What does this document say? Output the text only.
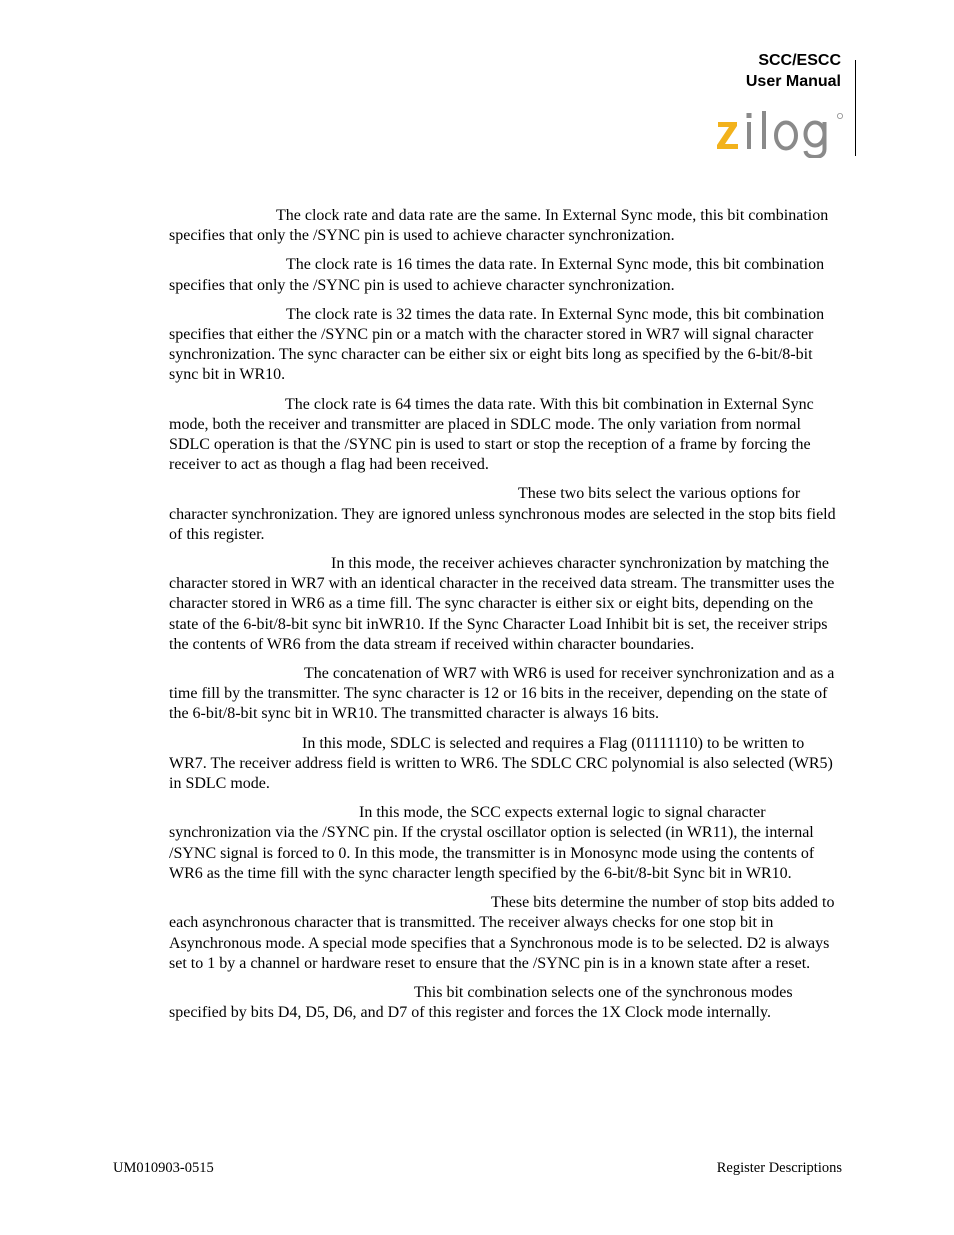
SCC/ESCC
User Manual

The clock rate and data rate are the same. In External Sync mode, this bit combination specifies that only the /SYNC pin is used to achieve character synchronization.

The clock rate is 16 times the data rate. In External Sync mode, this bit combination specifies that only the /SYNC pin is used to achieve character synchronization.

The clock rate is 32 times the data rate. In External Sync mode, this bit combination specifies that either the /SYNC pin or a match with the character stored in WR7 will signal character synchronization. The sync character can be either six or eight bits long as specified by the 6-bit/8-bit sync bit in WR10.

The clock rate is 64 times the data rate. With this bit combination in External Sync mode, both the receiver and transmitter are placed in SDLC mode. The only variation from normal SDLC operation is that the /SYNC pin is used to start or stop the reception of a frame by forcing the receiver to act as though a flag had been received.

These two bits select the various options for character synchronization. They are ignored unless synchronous modes are selected in the stop bits field of this register.

In this mode, the receiver achieves character synchronization by matching the character stored in WR7 with an identical character in the received data stream. The transmitter uses the character stored in WR6 as a time fill. The sync character is either six or eight bits, depending on the state of the 6-bit/8-bit sync bit inWR10. If the Sync Character Load Inhibit bit is set, the receiver strips the contents of WR6 from the data stream if received within character boundaries.

The concatenation of WR7 with WR6 is used for receiver synchronization and as a time fill by the transmitter. The sync character is 12 or 16 bits in the receiver, depending on the state of the 6-bit/8-bit sync bit in WR10. The transmitted character is always 16 bits.

In this mode, SDLC is selected and requires a Flag (01111110) to be written to WR7. The receiver address field is written to WR6. The SDLC CRC polynomial is also selected (WR5) in SDLC mode.

In this mode, the SCC expects external logic to signal character synchronization via the /SYNC pin. If the crystal oscillator option is selected (in WR11), the internal /SYNC signal is forced to 0. In this mode, the transmitter is in Monosync mode using the contents of WR6 as the time fill with the sync character length specified by the 6-bit/8-bit Sync bit in WR10.

These bits determine the number of stop bits added to each asynchronous character that is transmitted. The receiver always checks for one stop bit in Asynchronous mode. A special mode specifies that a Synchronous mode is to be selected. D2 is always set to 1 by a channel or hardware reset to ensure that the /SYNC pin is in a known state after a reset.

This bit combination selects one of the synchronous modes specified by bits D4, D5, D6, and D7 of this register and forces the 1X Clock mode internally.

UM010903-0515	Register Descriptions
